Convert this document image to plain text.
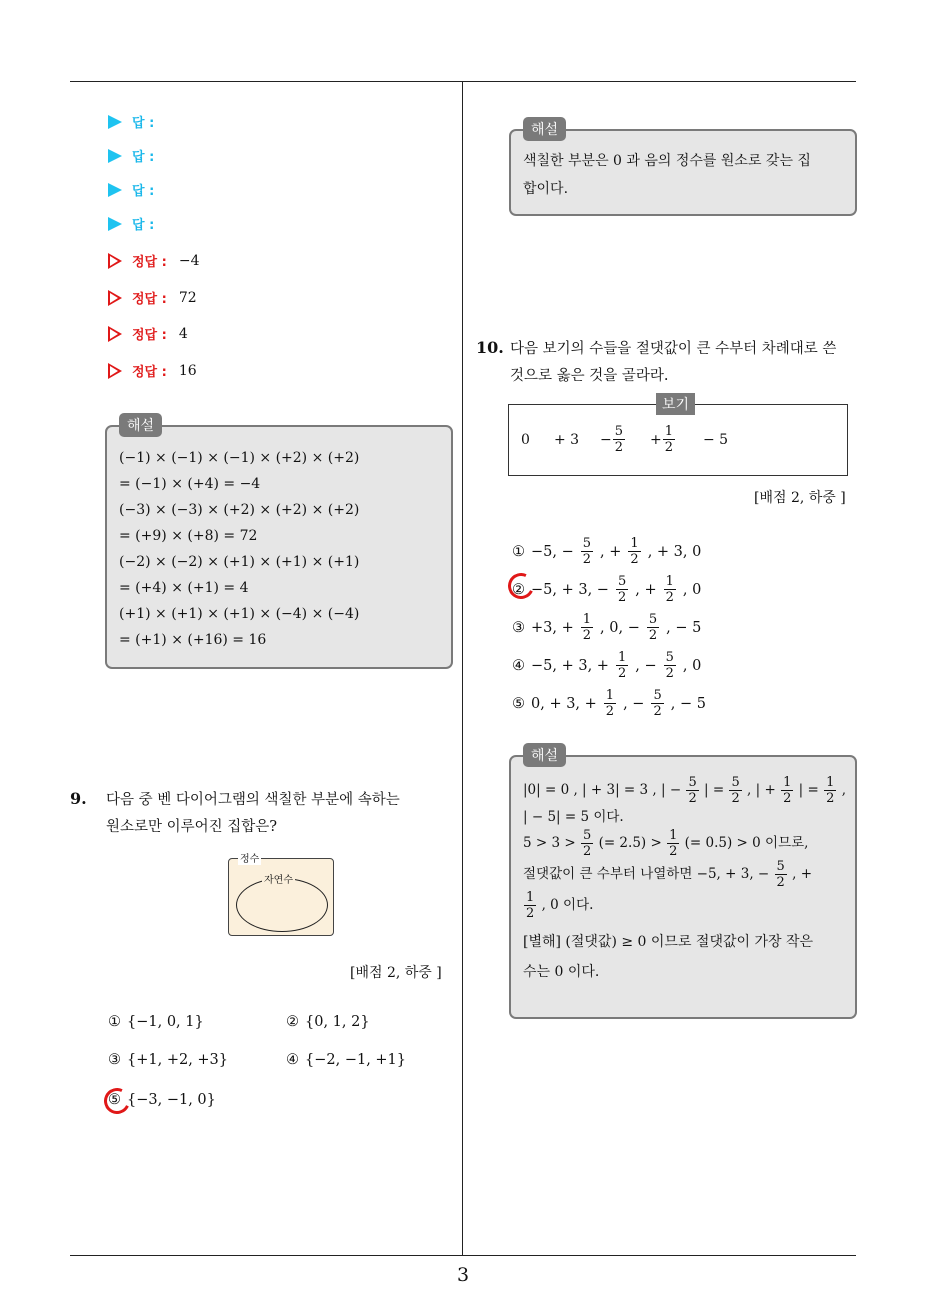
3
답 :
답 :
답 :
답 :
정답 : −4
정답 : 72
정답 : 4
정답 : 16
해설
(−1) × (−1) × (−1) × (+2) × (+2)
= (−1) × (+4) = −4
(−3) × (−3) × (+2) × (+2) × (+2)
= (+9) × (+8) = 72
(−2) × (−2) × (+1) × (+1) × (+1)
= (+4) × (+1) = 4
(+1) × (+1) × (+1) × (−4) × (−4)
= (+1) × (+16) = 16
9. 다음 중 벤 다이어그램의 색칠한 부분에 속하는
원소로만 이루어진 집합은?
정수
자연수
[배점 2, 하중 ]
① {−1, 0, 1}	② {0, 1, 2}
③ {+1, +2, +3}	④ {−2, −1, +1}
⑤ {−3, −1, 0}
해설
색칠한 부분은 0 과 음의 정수를 원소로 갖는 집
합이다.
10. 다음 보기의 수들을 절댓값이 큰 수부터 차례대로 쓴
것으로 옳은 것을 골라라.
보기
$0 + 3 - \frac{5}{2} + \frac{1}{2} - 5$
[배점 2, 하중 ]
① −5, − $\frac{5}{2}$ , + $\frac{1}{2}$ , + 3, 0
② −5, + 3, − $\frac{5}{2}$ , + $\frac{1}{2}$ , 0
③ +3, + $\frac{1}{2}$ , 0, − $\frac{5}{2}$ , − 5
④ −5, + 3, + $\frac{1}{2}$ , − $\frac{5}{2}$ , 0
⑤ 0, + 3, + $\frac{1}{2}$ , − $\frac{5}{2}$ , − 5
해설
|0| = 0 , | + 3| = 3 , | − $\frac{5}{2}$ | = $\frac{5}{2}$ , | + $\frac{1}{2}$ | = $\frac{1}{2}$ ,
| − 5| = 5 이다.
$5 > 3 > \frac{5}{2}$ (= $2.5) > \frac{1}{2}$ (= 0.5) > 0 이므로,
절댓값이 큰 수부터 나열하면 −5, + 3, − $\frac{5}{2}$ , +
$\frac{1}{2}$ , 0 이다.
[별해] (절댓값) ≥ 0 이므로 절댓값이 가장 작은
수는 0 이다.
